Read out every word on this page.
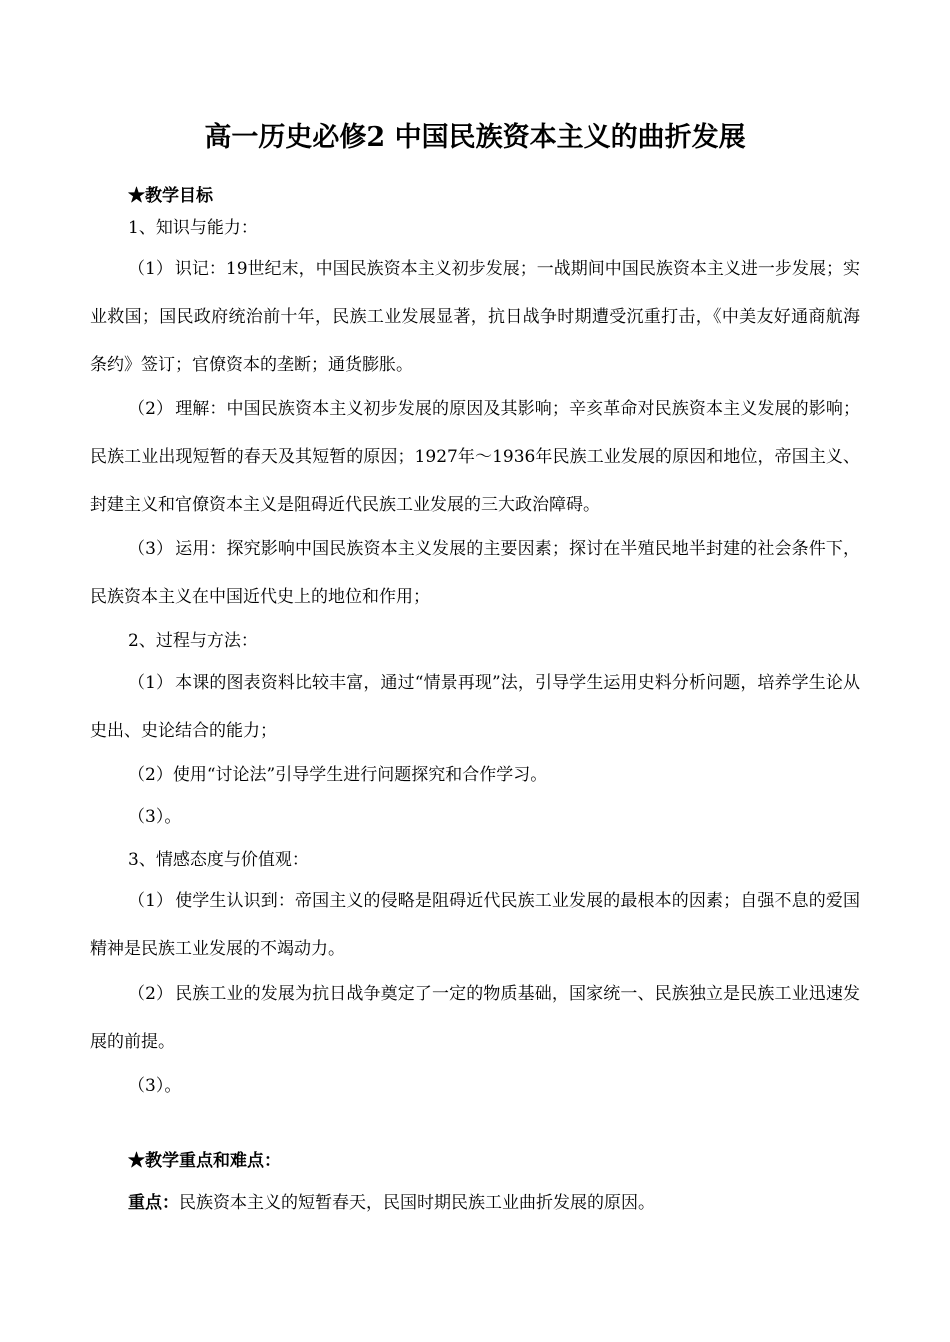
高一历史必修2 中国民族资本主义的曲折发展
★教学目标
1、知识与能力：

（1） 识记：19世纪末，中国民族资本主义初步发展；一战期间中国民族资本主义进一步发展；实业救国；国民政府统治前十年，民族工业发展显著，抗日战争时期遭受沉重打击，《中美友好通商航海条约》签订；官僚资本的垄断；通货膨胀。

（2） 理解：中国民族资本主义初步发展的原因及其影响；辛亥革命对民族资本主义发展的影响；民族工业出现短暂的春天及其短暂的原因；1927年～1936年民族工业发展的原因和地位，帝国主义、封建主义和官僚资本主义是阻碍近代民族工业发展的三大政治障碍。

（3） 运用：探究影响中国民族资本主义发展的主要因素；探讨在半殖民地半封建的社会条件下，民族资本主义在中国近代史上的地位和作用；

2、过程与方法：

（1） 本课的图表资料比较丰富，通过“情景再现”法，引导学生运用史料分析问题，培养学生论从史出、史论结合的能力；

（2）使用“讨论法”引导学生进行问题探究和合作学习。
（3）。
3、情感态度与价值观：

（1） 使学生认识到：帝国主义的侵略是阻碍近代民族工业发展的最根本的因素；自强不息的爱国精神是民族工业发展的不竭动力。

（2） 民族工业的发展为抗日战争奠定了一定的物质基础，国家统一、民族独立是民族工业迅速发展的前提。

（3）。
★教学重点和难点：
重点：民族资本主义的短暂春天，民国时期民族工业曲折发展的原因。
